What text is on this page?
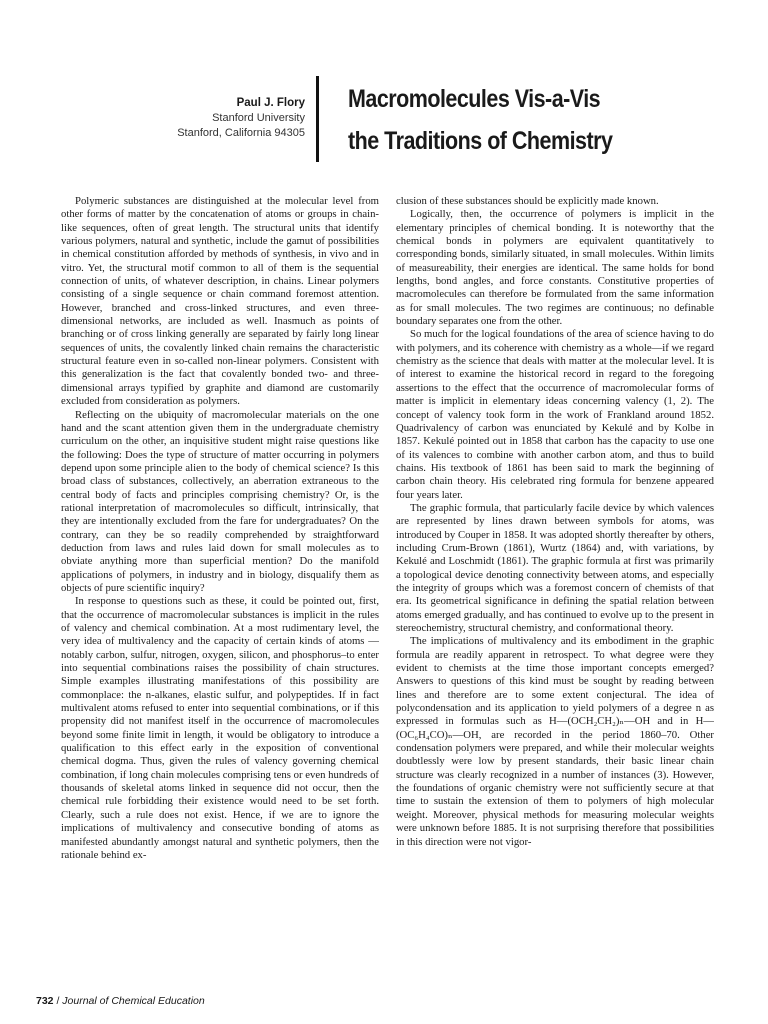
Paul J. Flory
Stanford University
Stanford, California 94305
Macromolecules Vis-a-Vis
the Traditions of Chemistry

Polymeric substances are distinguished at the molecular level from other forms of matter by the concatenation of atoms or groups in chain-like sequences, often of great length. The structural units that identify various polymers, natural and synthetic, include the gamut of possibilities in chemical constitution afforded by methods of synthesis, in vivo and in vitro. Yet, the structural motif common to all of them is the sequential connection of units, of whatever description, in chains. Linear polymers consisting of a single sequence or chain command foremost attention. However, branched and cross-linked structures, and even three-dimensional networks, are included as well. Inasmuch as points of branching or of cross linking generally are separated by fairly long linear sequences of units, the covalently linked chain remains the characteristic structural feature even in so-called non-linear polymers. Consistent with this generalization is the fact that covalently bonded two- and three-dimensional arrays typified by graphite and diamond are customarily excluded from consideration as polymers.

Reflecting on the ubiquity of macromolecular materials on the one hand and the scant attention given them in the undergraduate chemistry curriculum on the other, an inquisitive student might raise questions like the following: Does the type of structure of matter occurring in polymers depend upon some principle alien to the body of chemical science? Is this broad class of substances, collectively, an aberration extraneous to the central body of facts and principles comprising chemistry? Or, is the rational interpretation of macromolecules so difficult, intrinsically, that they are intentionally excluded from the fare for undergraduates? On the contrary, can they be so readily comprehended by straightforward deduction from laws and rules laid down for small molecules as to obviate anything more than superficial mention? Do the manifold applications of polymers, in industry and in biology, disqualify them as objects of pure scientific inquiry?

In response to questions such as these, it could be pointed out, first, that the occurrence of macromolecular substances is implicit in the rules of valency and chemical combination. At a most rudimentary level, the very idea of multivalency and the capacity of certain kinds of atoms —notably carbon, sulfur, nitrogen, oxygen, silicon, and phosphorus–to enter into sequential combinations raises the possibility of chain structures. Simple examples illustrating manifestations of this possibility are commonplace: the n-alkanes, elastic sulfur, and polypeptides. If in fact multivalent atoms refused to enter into sequential combinations, or if this propensity did not manifest itself in the occurrence of macromolecules beyond some finite limit in length, it would be obligatory to introduce a qualification to this effect early in the exposition of conventional chemical dogma. Thus, given the rules of valency governing chemical combination, if long chain molecules comprising tens or even hundreds of thousands of skeletal atoms linked in sequence did not occur, then the chemical rule forbidding their existence would need to be set forth. Clearly, such a rule does not exist. Hence, if we are to ignore the implications of multivalency and consecutive bonding of atoms as manifested abundantly amongst natural and synthetic polymers, then the rationale behind ex-

clusion of these substances should be explicitly made known.

Logically, then, the occurrence of polymers is implicit in the elementary principles of chemical bonding. It is noteworthy that the chemical bonds in polymers are equivalent quantitatively to corresponding bonds, similarly situated, in small molecules. Within limits of measureability, their energies are identical. The same holds for bond lengths, bond angles, and force constants. Constitutive properties of macromolecules can therefore be formulated from the same information as for small molecules. The two regimes are continuous; no definable boundary separates one from the other.

So much for the logical foundations of the area of science having to do with polymers, and its coherence with chemistry as a whole—if we regard chemistry as the science that deals with matter at the molecular level. It is of interest to examine the historical record in regard to the foregoing assertions to the effect that the occurrence of macromolecular forms of matter is implicit in elementary ideas concerning valency (1, 2). The concept of valency took form in the work of Frankland around 1852. Quadrivalency of carbon was enunciated by Kekulé and by Kolbe in 1857. Kekulé pointed out in 1858 that carbon has the capacity to use one of its valences to combine with another carbon atom, and thus to build chains. His textbook of 1861 has been said to mark the beginning of carbon chain theory. His celebrated ring formula for benzene appeared four years later.

The graphic formula, that particularly facile device by which valences are represented by lines drawn between symbols for atoms, was introduced by Couper in 1858. It was adopted shortly thereafter by others, including Crum-Brown (1861), Wurtz (1864) and, with variations, by Kekulé and Loschmidt (1861). The graphic formula at first was primarily a topological device denoting connectivity between atoms, and especially the integrity of groups which was a foremost concern of chemists of that era. Its geometrical significance in defining the spatial relation between atoms emerged gradually, and has continued to evolve up to the present in stereochemistry, structural chemistry, and conformational theory.

The implications of multivalency and its embodiment in the graphic formula are readily apparent in retrospect. To what degree were they evident to chemists at the time those important concepts emerged? Answers to questions of this kind must be sought by reading between lines and therefore are to some extent conjectural. The idea of polycondensation and its application to yield polymers of a degree n as expressed in formulas such as H—(OCH₂CH₂)ₙ—OH and in H—(OC₆H₄CO)ₙ—OH, are recorded in the period 1860–70. Other condensation polymers were prepared, and while their molecular weights doubtlessly were low by present standards, their basic linear chain structure was clearly recognized in a number of instances (3). However, the foundations of organic chemistry were not sufficiently secure at that time to sustain the extension of them to polymers of high molecular weight. Moreover, physical methods for measuring molecular weights were unknown before 1885. It is not surprising therefore that possibilities in this direction were not vigor-

732 / Journal of Chemical Education
